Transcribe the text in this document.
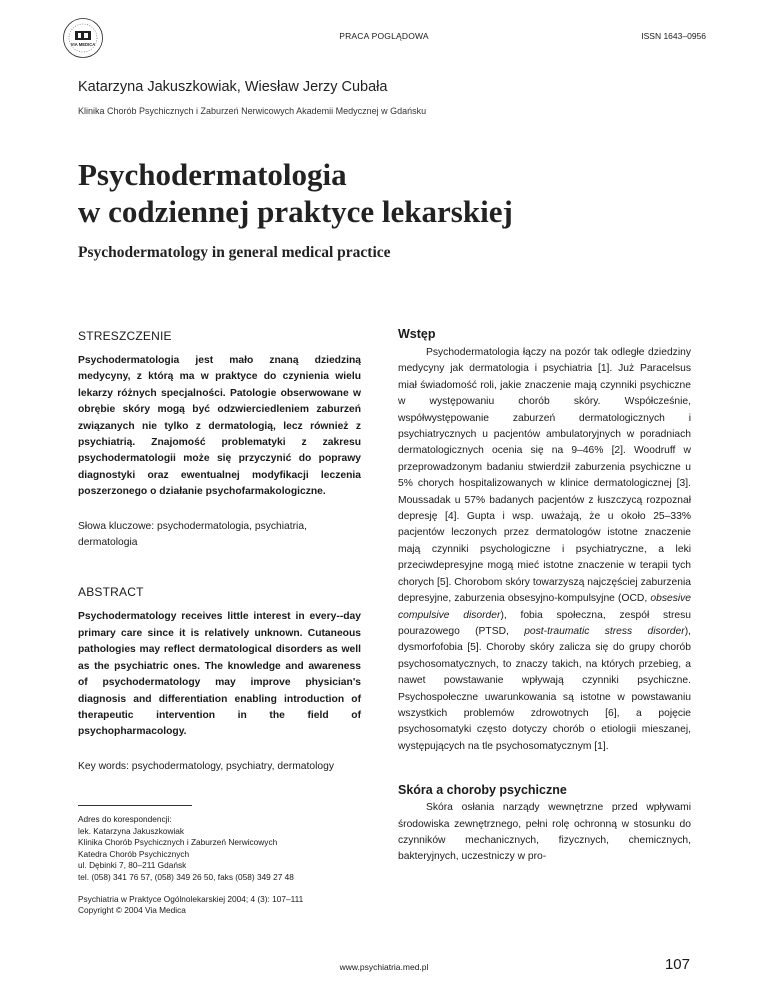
VIA MEDICA
PRACA POGLĄDOWA	ISSN 1643–0956
Katarzyna Jakuszkowiak, Wiesław Jerzy Cubała
Klinika Chorób Psychicznych i Zaburzeń Nerwicowych Akademii Medycznej w Gdańsku
Psychodermatologia
w codziennej praktyce lekarskiej
Psychodermatology in general medical practice
STRESZCZENIE

Psychodermatologia jest mało znaną dziedziną medycyny, z którą ma w praktyce do czynienia wielu lekarzy różnych specjalności. Patologie obserwowane w obrębie skóry mogą być odzwierciedleniem zaburzeń związanych nie tylko z dermatologią, lecz również z psychiatrią. Znajomość problematyki z zakresu psychodermatologii może się przyczynić do poprawy diagnostyki oraz ewentualnej modyfikacji leczenia poszerzonego o działanie psychofarmakologiczne.

Słowa kluczowe: psychodermatologia, psychiatria, dermatologia

ABSTRACT

Psychodermatology receives little interest in every--day primary care since it is relatively unknown. Cutaneous pathologies may reflect dermatological disorders as well as the psychiatric ones. The knowledge and awareness of psychodermatology may improve physician's diagnosis and differentiation enabling introduction of therapeutic intervention in the field of psychopharmacology.

Key words: psychodermatology, psychiatry, dermatology

Adres do korespondencji:
lek. Katarzyna Jakuszkowiak
Klinika Chorób Psychicznych i Zaburzeń Nerwicowych
Katedra Chorób Psychicznych
ul. Dębinki 7, 80–211 Gdańsk
tel. (058) 341 76 57, (058) 349 26 50, faks (058) 349 27 48
Psychiatria w Praktyce Ogólnolekarskiej 2004; 4 (3): 107–111
Copyright © 2004 Via Medica
Wstęp

Psychodermatologia łączy na pozór tak odległe dziedziny medycyny jak dermatologia i psychiatria [1]. Już Paracelsus miał świadomość roli, jakie znaczenie mają czynniki psychiczne w występowaniu chorób skóry. Współcześnie, współwystępowanie zaburzeń dermatologicznych i psychiatrycznych u pacjentów ambulatoryjnych w poradniach dermatologicznych ocenia się na 9–46% [2]. Woodruff w przeprowadzonym badaniu stwierdził zaburzenia psychiczne u 5% chorych hospitalizowanych w klinice dermatologicznej [3]. Moussadak u 57% badanych pacjentów z łuszczycą rozpoznał depresję [4]. Gupta i wsp. uważają, że u około 25–33% pacjentów leczonych przez dermatologów istotne znaczenie mają czynniki psychologiczne i psychiatryczne, a leki przeciwdepresyjne mogą mieć istotne znaczenie w terapii tych chorych [5]. Chorobom skóry towarzyszą najczęściej zaburzenia depresyjne, zaburzenia obsesyjno-kompulsyjne (OCD, obsesive compulsive disorder), fobia społeczna, zespół stresu pourazowego (PTSD, post-traumatic stress disorder), dysmorfofobia [5]. Choroby skóry zalicza się do grupy chorób psychosomatycznych, to znaczy takich, na których przebieg, a nawet powstawanie wpływają czynniki psychiczne. Psychospołeczne uwarunkowania są istotne w powstawaniu wszystkich problemów zdrowotnych [6], a pojęcie psychosomatyki często dotyczy chorób o etiologii mieszanej, występujących na tle psychosomatycznym [1].

Skóra a choroby psychiczne

Skóra osłania narządy wewnętrzne przed wpływami środowiska zewnętrznego, pełni rolę ochronną w stosunku do czynników mechanicznych, fizycznych, chemicznych, bakteryjnych, uczestniczy w pro-

www.psychiatria.med.pl	107
